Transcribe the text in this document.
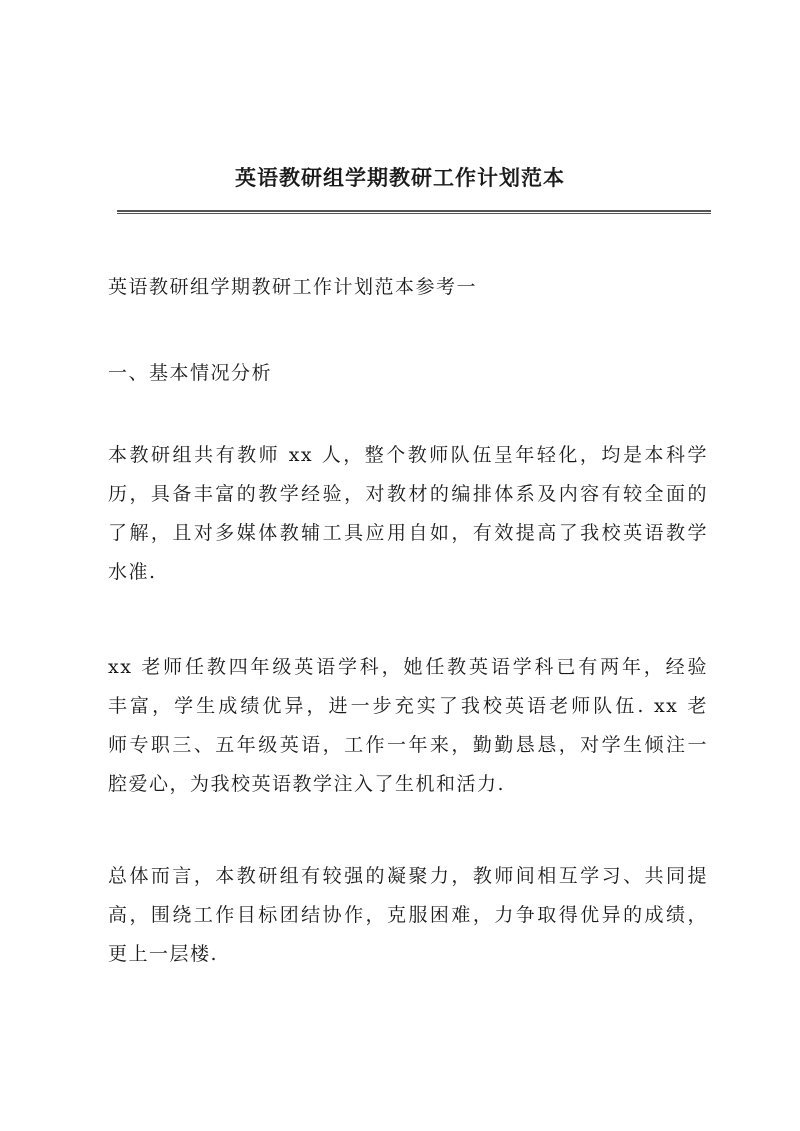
英语教研组学期教研工作计划范本
英语教研组学期教研工作计划范本参考一
一、基本情况分析
本教研组共有教师 xx 人，整个教师队伍呈年轻化，均是本科学
历，具备丰富的教学经验，对教材的编排体系及内容有较全面的
了解，且对多媒体教辅工具应用自如，有效提高了我校英语教学
水准.
xx 老师任教四年级英语学科，她任教英语学科已有两年，经验
丰富，学生成绩优异，进一步充实了我校英语老师队伍. xx 老
师专职三、五年级英语，工作一年来，勤勤恳恳，对学生倾注一
腔爱心，为我校英语教学注入了生机和活力.
总体而言，本教研组有较强的凝聚力，教师间相互学习、共同提
高，围绕工作目标团结协作，克服困难，力争取得优异的成绩，
更上一层楼.
